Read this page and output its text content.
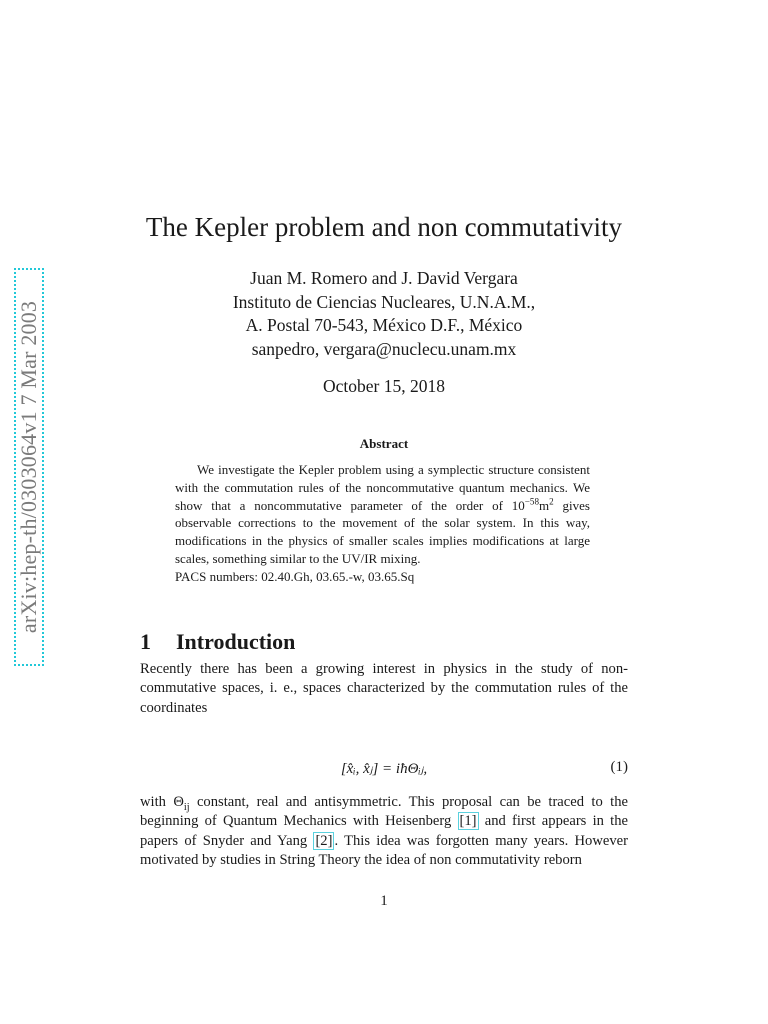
arXiv:hep-th/0303064v1 7 Mar 2003
The Kepler problem and non commutativity
Juan M. Romero and J. David Vergara
Instituto de Ciencias Nucleares, U.N.A.M.,
A. Postal 70-543, México D.F., México
sanpedro, vergara@nuclecu.unam.mx
October 15, 2018
Abstract

We investigate the Kepler problem using a symplectic structure consistent with the commutation rules of the noncommutative quantum mechanics. We show that a noncommutative parameter of the order of $10^{-58}m^2$ gives observable corrections to the movement of the solar system. In this way, modifications in the physics of smaller scales implies modifications at large scales, something similar to the UV/IR mixing.

PACS numbers: 02.40.Gh, 03.65.-w, 03.65.Sq

1 Introduction

Recently there has been a growing interest in physics in the study of non-commutative spaces, i. e., spaces characterized by the commutation rules of the coordinates

[x̂ᵢ, x̂ⱼ] = iħΘᵢⱼ,	(1)

with $\Theta_{ij}$ constant, real and antisymmetric. This proposal can be traced to the beginning of Quantum Mechanics with Heisenberg [1] and first appears in the papers of Snyder and Yang [2] . This idea was forgotten many years. However motivated by studies in String Theory the idea of non commutativity reborn

1
